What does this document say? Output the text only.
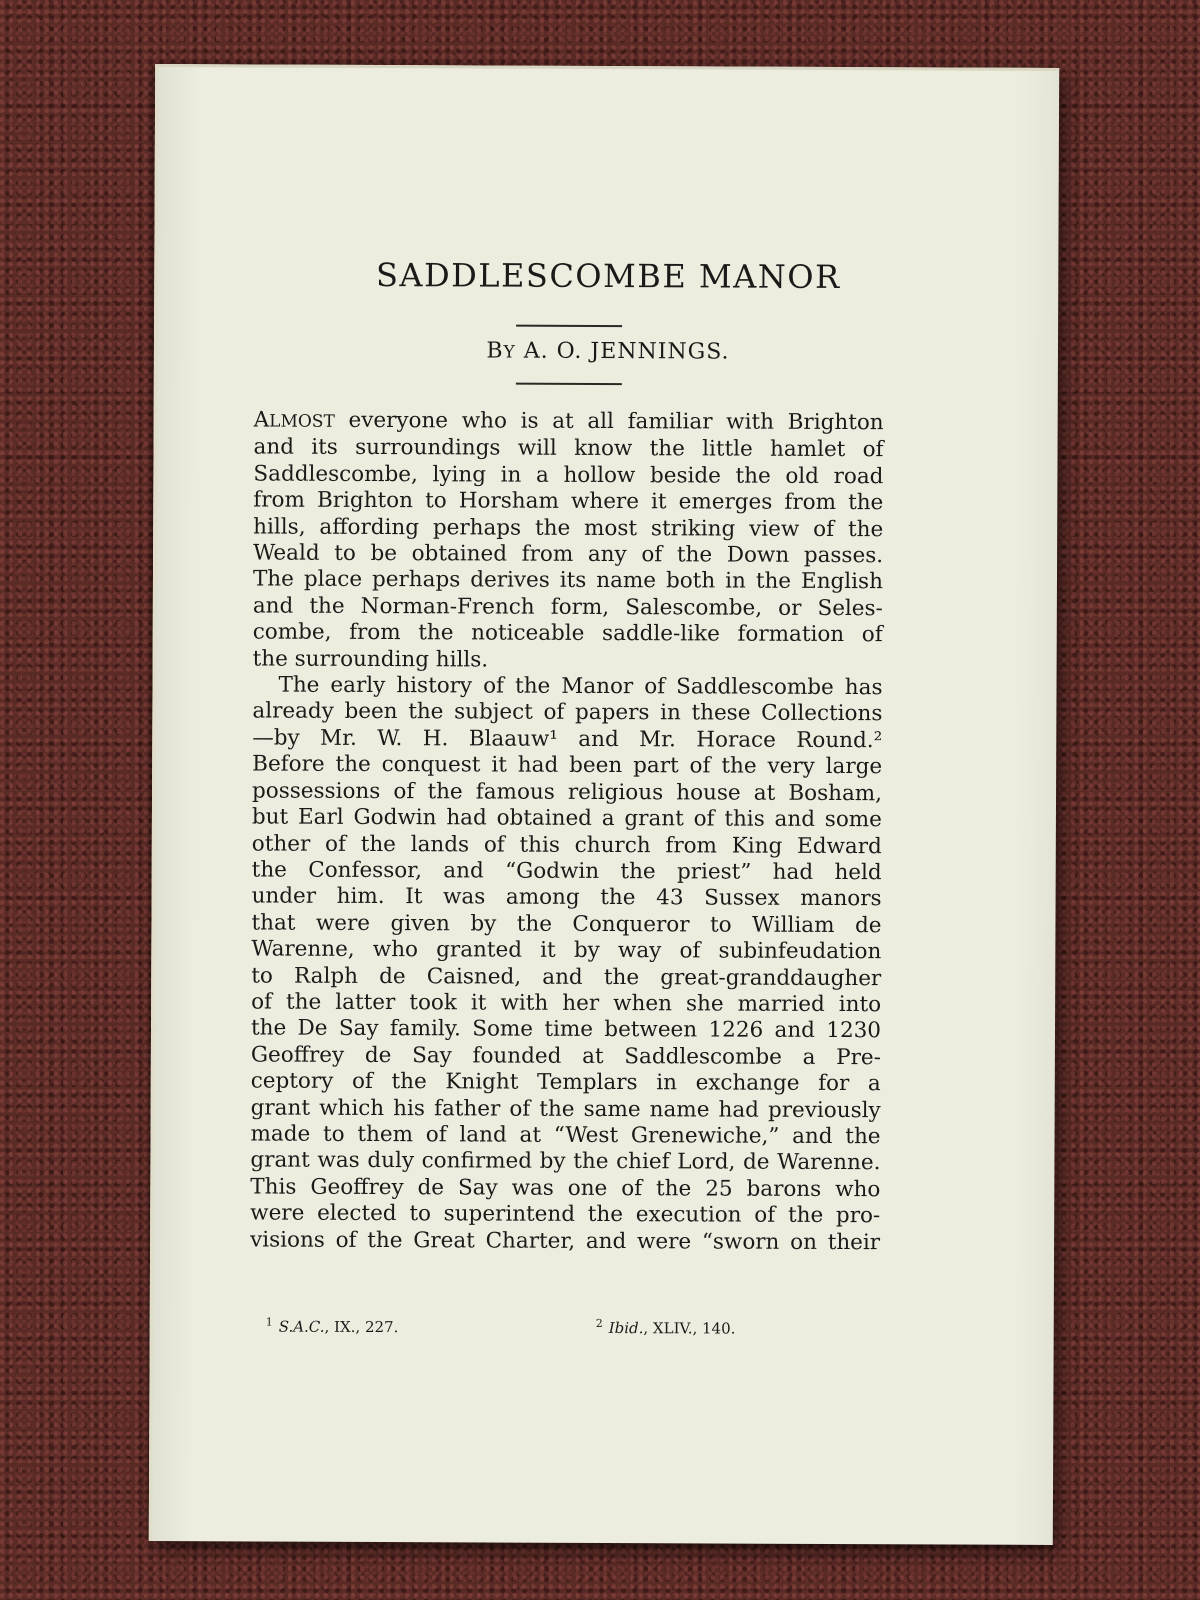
SADDLESCOMBE MANOR
BY A. O. JENNINGS.
ALMOST everyone who is at all familiar with Brighton
and its surroundings will know the little hamlet of
Saddlescombe, lying in a hollow beside the old road
from Brighton to Horsham where it emerges from the
hills, affording perhaps the most striking view of the
Weald to be obtained from any of the Down passes.
The place perhaps derives its name both in the English
and the Norman-French form, Salescombe, or Seles-
combe, from the noticeable saddle-like formation of
the surrounding hills.
The early history of the Manor of Saddlescombe has
already been the subject of papers in these Collections
—by Mr. W. H. Blaauw¹ and Mr. Horace Round.²
Before the conquest it had been part of the very large
possessions of the famous religious house at Bosham,
but Earl Godwin had obtained a grant of this and some
other of the lands of this church from King Edward
the Confessor, and “Godwin the priest” had held
under him. It was among the 43 Sussex manors
that were given by the Conqueror to William de
Warenne, who granted it by way of subinfeudation
to Ralph de Caisned, and the great-granddaugher
of the latter took it with her when she married into
the De Say family. Some time between 1226 and 1230
Geoffrey de Say founded at Saddlescombe a Pre-
ceptory of the Knight Templars in exchange for a
grant which his father of the same name had previously
made to them of land at “West Grenewiche,” and the
grant was duly confirmed by the chief Lord, de Warenne.
This Geoffrey de Say was one of the 25 barons who
were elected to superintend the execution of the pro-
visions of the Great Charter, and were “sworn on their
$^1$ S.A.C., IX., 227.	$^2$ Ibid., XLIV., 140.
